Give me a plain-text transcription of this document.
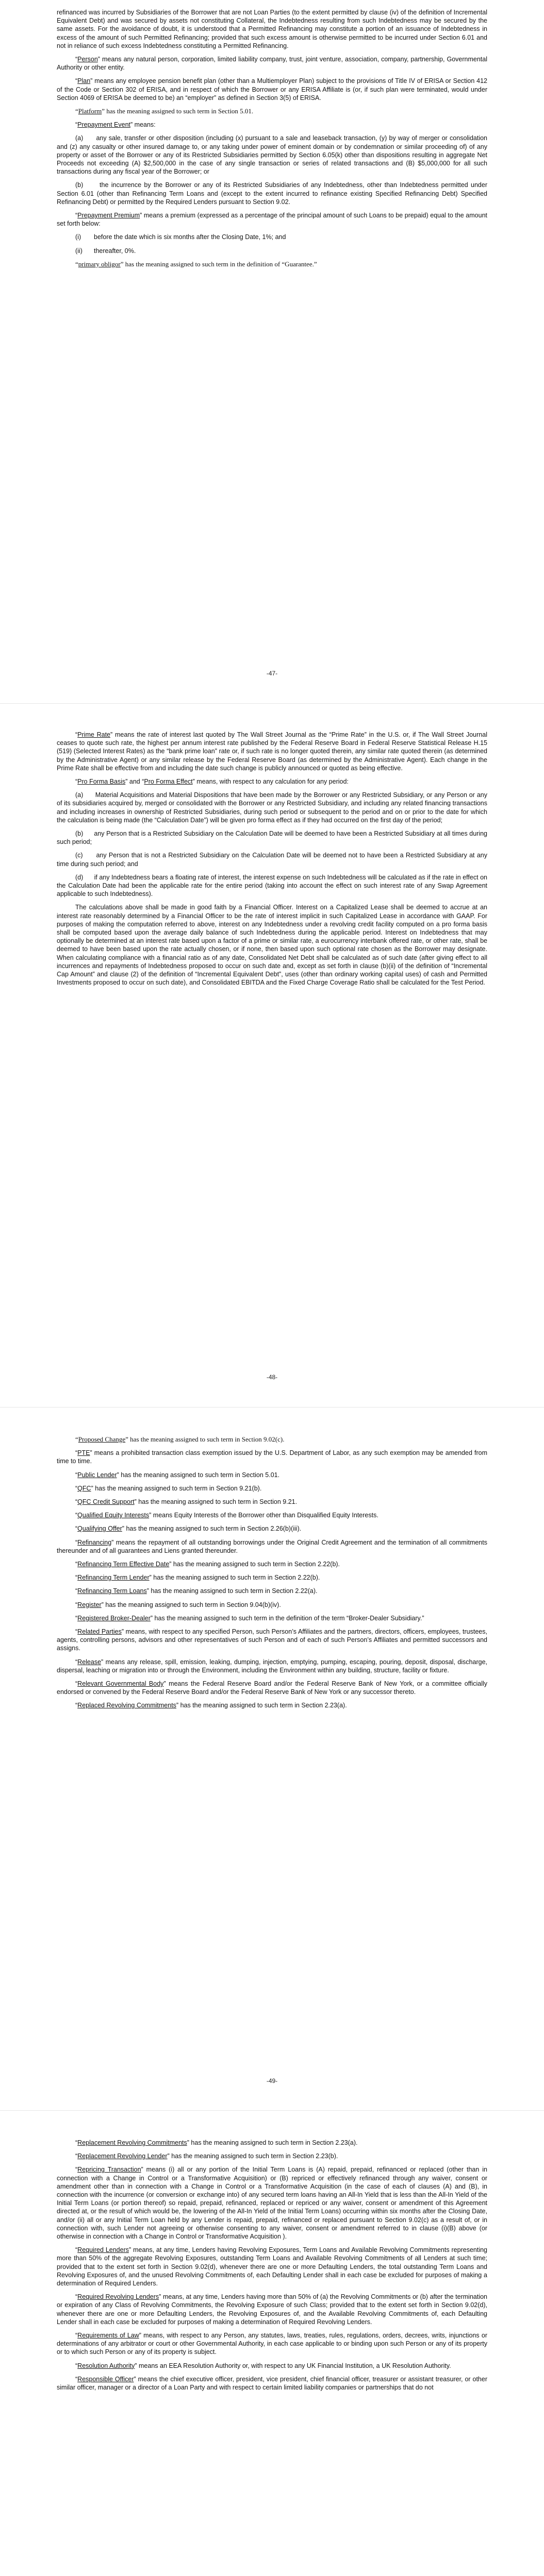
refinanced was incurred by Subsidiaries of the Borrower that are not Loan Parties (to the extent permitted by clause (iv) of the definition of Incremental Equivalent Debt) and was secured by assets not constituting Collateral, the Indebtedness resulting from such Indebtedness may be secured by the same assets. For the avoidance of doubt, it is understood that a Permitted Refinancing may constitute a portion of an issuance of Indebtedness in excess of the amount of such Permitted Refinancing; provided that such excess amount is otherwise permitted to be incurred under Section 6.01 and not in reliance of such excess Indebtedness constituting a Permitted Refinancing.

“Person” means any natural person, corporation, limited liability company, trust, joint venture, association, company, partnership, Governmental Authority or other entity.

“Plan” means any employee pension benefit plan (other than a Multiemployer Plan) subject to the provisions of Title IV of ERISA or Section 412 of the Code or Section 302 of ERISA, and in respect of which the Borrower or any ERISA Affiliate is (or, if such plan were terminated, would under Section 4069 of ERISA be deemed to be) an “employer” as defined in Section 3(5) of ERISA.

“Platform” has the meaning assigned to such term in Section 5.01.

“Prepayment Event” means:

(a) any sale, transfer or other disposition (including (x) pursuant to a sale and leaseback transaction, (y) by way of merger or consolidation and (z) any casualty or other insured damage to, or any taking under power of eminent domain or by condemnation or similar proceeding of) of any property or asset of the Borrower or any of its Restricted Subsidiaries permitted by Section 6.05(k) other than dispositions resulting in aggregate Net Proceeds not exceeding (A) $2,500,000 in the case of any single transaction or series of related transactions and (B) $5,000,000 for all such transactions during any fiscal year of the Borrower; or

(b)	the incurrence by the Borrower or any of its Restricted Subsidiaries of any Indebtedness, other than Indebtedness permitted under Section 6.01 (other than Refinancing Term Loans and (except to the extent incurred to refinance existing Specified Refinancing Debt) Specified Refinancing Debt) or permitted by the Required Lenders pursuant to Section 9.02.

“Prepayment Premium” means a premium (expressed as a percentage of the principal amount of such Loans to be prepaid) equal to the amount set forth below:

(i) before the date which is six months after the Closing Date, 1%; and

(ii) thereafter, 0%.

“primary obligor” has the meaning assigned to such term in the definition of “Guarantee.”

-47-

“Prime Rate” means the rate of interest last quoted by The Wall Street Journal as the “Prime Rate” in the U.S. or, if The Wall Street Journal ceases to quote such rate, the highest per annum interest rate published by the Federal Reserve Board in Federal Reserve Statistical Release H.15 (519) (Selected Interest Rates) as the “bank prime loan” rate or, if such rate is no longer quoted therein, any similar rate quoted therein (as determined by the Administrative Agent) or any similar release by the Federal Reserve Board (as determined by the Administrative Agent). Each change in the Prime Rate shall be effective from and including the date such change is publicly announced or quoted as being effective.

“Pro Forma Basis” and “Pro Forma Effect” means, with respect to any calculation for any period:

(a) Material Acquisitions and Material Dispositions that have been made by the Borrower or any Restricted Subsidiary, or any Person or any of its subsidiaries acquired by, merged or consolidated with the Borrower or any Restricted Subsidiary, and including any related financing transactions and including increases in ownership of Restricted Subsidiaries, during such period or subsequent to the period and on or prior to the date for which the calculation is being made (the “Calculation Date”) will be given pro forma effect as if they had occurred on the first day of the period;

(b) any Person that is a Restricted Subsidiary on the Calculation Date will be deemed to have been a Restricted Subsidiary at all times during such period;

(c) any Person that is not a Restricted Subsidiary on the Calculation Date will be deemed not to have been a Restricted Subsidiary at any time during such period; and

(d) if any Indebtedness bears a floating rate of interest, the interest expense on such Indebtedness will be calculated as if the rate in effect on the Calculation Date had been the applicable rate for the entire period (taking into account the effect on such interest rate of any Swap Agreement applicable to such Indebtedness).

The calculations above shall be made in good faith by a Financial Officer. Interest on a Capitalized Lease shall be deemed to accrue at an interest rate reasonably determined by a Financial Officer to be the rate of interest implicit in such Capitalized Lease in accordance with GAAP. For purposes of making the computation referred to above, interest on any Indebtedness under a revolving credit facility computed on a pro forma basis shall be computed based upon the average daily balance of such Indebtedness during the applicable period. Interest on Indebtedness that may optionally be determined at an interest rate based upon a factor of a prime or similar rate, a eurocurrency interbank offered rate, or other rate, shall be deemed to have been based upon the rate actually chosen, or if none, then based upon such optional rate chosen as the Borrower may designate. When calculating compliance with a financial ratio as of any date, Consolidated Net Debt shall be calculated as of such date (after giving effect to all incurrences and repayments of Indebtedness proposed to occur on such date and, except as set forth in clause (b)(ii) of the definition of “Incremental Cap Amount” and clause (2) of the definition of “Incremental Equivalent Debt”, uses (other than ordinary working capital uses) of cash and Permitted Investments proposed to occur on such date), and Consolidated EBITDA and the Fixed Charge Coverage Ratio shall be calculated for the Test Period.

-48-

“Proposed Change” has the meaning assigned to such term in Section 9.02(c).

“PTE” means a prohibited transaction class exemption issued by the U.S. Department of Labor, as any such exemption may be amended from time to time.

“Public Lender” has the meaning assigned to such term in Section 5.01.

“QFC” has the meaning assigned to such term in Section 9.21(b).

“QFC Credit Support” has the meaning assigned to such term in Section 9.21.

“Qualified Equity Interests” means Equity Interests of the Borrower other than Disqualified Equity Interests.

“Qualifying Offer” has the meaning assigned to such term in Section 2.26(b)(iii).

“Refinancing” means the repayment of all outstanding borrowings under the Original Credit Agreement and the termination of all commitments thereunder and of all guarantees and Liens granted thereunder.

“Refinancing Term Effective Date” has the meaning assigned to such term in Section 2.22(b).

“Refinancing Term Lender” has the meaning assigned to such term in Section 2.22(b).

“Refinancing Term Loans” has the meaning assigned to such term in Section 2.22(a).

“Register” has the meaning assigned to such term in Section 9.04(b)(iv).

“Registered Broker-Dealer” has the meaning assigned to such term in the definition of the term “Broker-Dealer Subsidiary.”

“Related Parties” means, with respect to any specified Person, such Person’s Affiliates and the partners, directors, officers, employees, trustees, agents, controlling persons, advisors and other representatives of such Person and of each of such Person’s Affiliates and permitted successors and assigns.

“Release” means any release, spill, emission, leaking, dumping, injection, emptying, pumping, escaping, pouring, deposit, disposal, discharge, dispersal, leaching or migration into or through the Environment, including the Environment within any building, structure, facility or fixture.

“Relevant Governmental Body” means the Federal Reserve Board and/or the Federal Reserve Bank of New York, or a committee officially endorsed or convened by the Federal Reserve Board and/or the Federal Reserve Bank of New York or any successor thereto.

“Replaced Revolving Commitments” has the meaning assigned to such term in Section 2.23(a).

-49-

“Replacement Revolving Commitments” has the meaning assigned to such term in Section 2.23(a).

“Replacement Revolving Lender” has the meaning assigned to such term in Section 2.23(b).

“Repricing Transaction” means (i) all or any portion of the Initial Term Loans is (A) repaid, prepaid, refinanced or replaced (other than in connection with a Change in Control or a Transformative Acquisition) or (B) repriced or effectively refinanced through any waiver, consent or amendment other than in connection with a Change in Control or a Transformative Acquisition (in the case of each of clauses (A) and (B), in connection with the incurrence (or conversion or exchange into) of any secured term loans having an All-In Yield that is less than the All-In Yield of the Initial Term Loans (or portion thereof) so repaid, prepaid, refinanced, replaced or repriced or any waiver, consent or amendment of this Agreement directed at, or the result of which would be, the lowering of the All-In Yield of the Initial Term Loans) occurring within six months after the Closing Date, and/or (ii) all or any Initial Term Loan held by any Lender is repaid, prepaid, refinanced or replaced pursuant to Section 9.02(c) as a result of, or in connection with, such Lender not agreeing or otherwise consenting to any waiver, consent or amendment referred to in clause (i)(B) above (or otherwise in connection with a Change in Control or Transformative Acquisition ).

“Required Lenders” means, at any time, Lenders having Revolving Exposures, Term Loans and Available Revolving Commitments representing more than 50% of the aggregate Revolving Exposures, outstanding Term Loans and Available Revolving Commitments of all Lenders at such time; provided that to the extent set forth in Section 9.02(d), whenever there are one or more Defaulting Lenders, the total outstanding Term Loans and Revolving Exposures of, and the unused Revolving Commitments of, each Defaulting Lender shall in each case be excluded for purposes of making a determination of Required Lenders.

“Required Revolving Lenders” means, at any time, Lenders having more than 50% of (a) the Revolving Commitments or (b) after the termination or expiration of any Class of Revolving Commitments, the Revolving Exposure of such Class; provided that to the extent set forth in Section 9.02(d), whenever there are one or more Defaulting Lenders, the Revolving Exposures of, and the Available Revolving Commitments of, each Defaulting Lender shall in each case be excluded for purposes of making a determination of Required Revolving Lenders.

“Requirements of Law” means, with respect to any Person, any statutes, laws, treaties, rules, regulations, orders, decrees, writs, injunctions or determinations of any arbitrator or court or other Governmental Authority, in each case applicable to or binding upon such Person or any of its property or to which such Person or any of its property is subject.

“Resolution Authority” means an EEA Resolution Authority or, with respect to any UK Financial Institution, a UK Resolution Authority.

“Responsible Officer” means the chief executive officer, president, vice president, chief financial officer, treasurer or assistant treasurer, or other similar officer, manager or a director of a Loan Party and with respect to certain limited liability companies or partnerships that do not
